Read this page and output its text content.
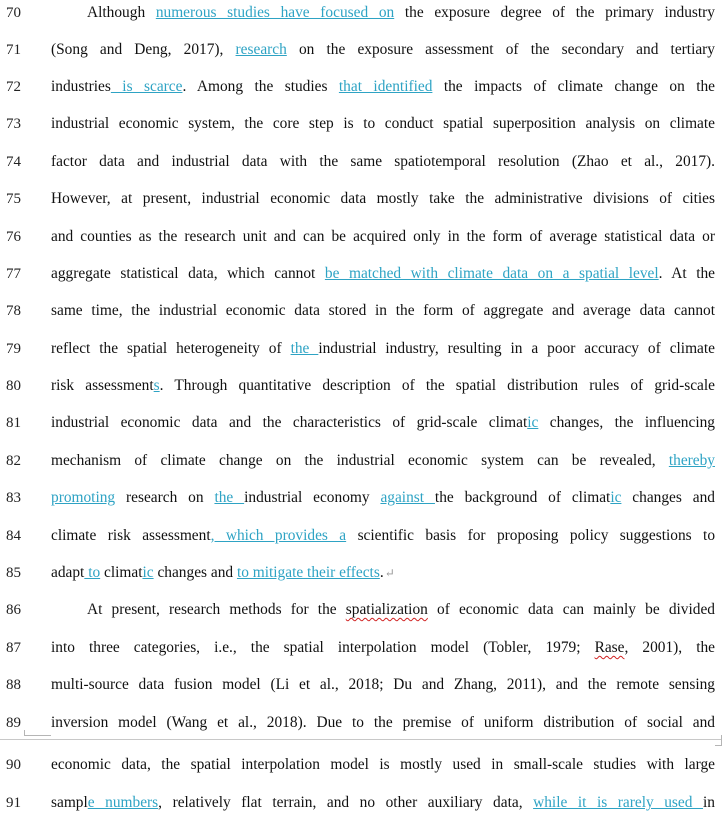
70	Although numerous studies have focused on the exposure degree of the primary industry
71	(Song and Deng, 2017), research on the exposure assessment of the secondary and tertiary
72	industries is scarce. Among the studies that identified the impacts of climate change on the
73	industrial economic system, the core step is to conduct spatial superposition analysis on climate
74	factor data and industrial data with the same spatiotemporal resolution (Zhao et al., 2017).
75	However, at present, industrial economic data mostly take the administrative divisions of cities
76	and counties as the research unit and can be acquired only in the form of average statistical data or
77	aggregate statistical data, which cannot be matched with climate data on a spatial level. At the
78	same time, the industrial economic data stored in the form of aggregate and average data cannot
79	reflect the spatial heterogeneity of the industrial industry, resulting in a poor accuracy of climate
80	risk assessments. Through quantitative description of the spatial distribution rules of grid-scale
81	industrial economic data and the characteristics of grid-scale climatic changes, the influencing
82	mechanism of climate change on the industrial economic system can be revealed, thereby
83	promoting research on the industrial economy against the background of climatic changes and
84	climate risk assessment, which provides a scientific basis for proposing policy suggestions to
85	adapt to climatic changes and to mitigate their effects.↵
86	At present, research methods for the spatialization of economic data can mainly be divided
87	into three categories, i.e., the spatial interpolation model (Tobler, 1979; Rase, 2001), the
88	multi-source data fusion model (Li et al., 2018; Du and Zhang, 2011), and the remote sensing
89	inversion model (Wang et al., 2018). Due to the premise of uniform distribution of social and
90	economic data, the spatial interpolation model is mostly used in small-scale studies with large
91	sample numbers, relatively flat terrain, and no other auxiliary data, while it is rarely used in
